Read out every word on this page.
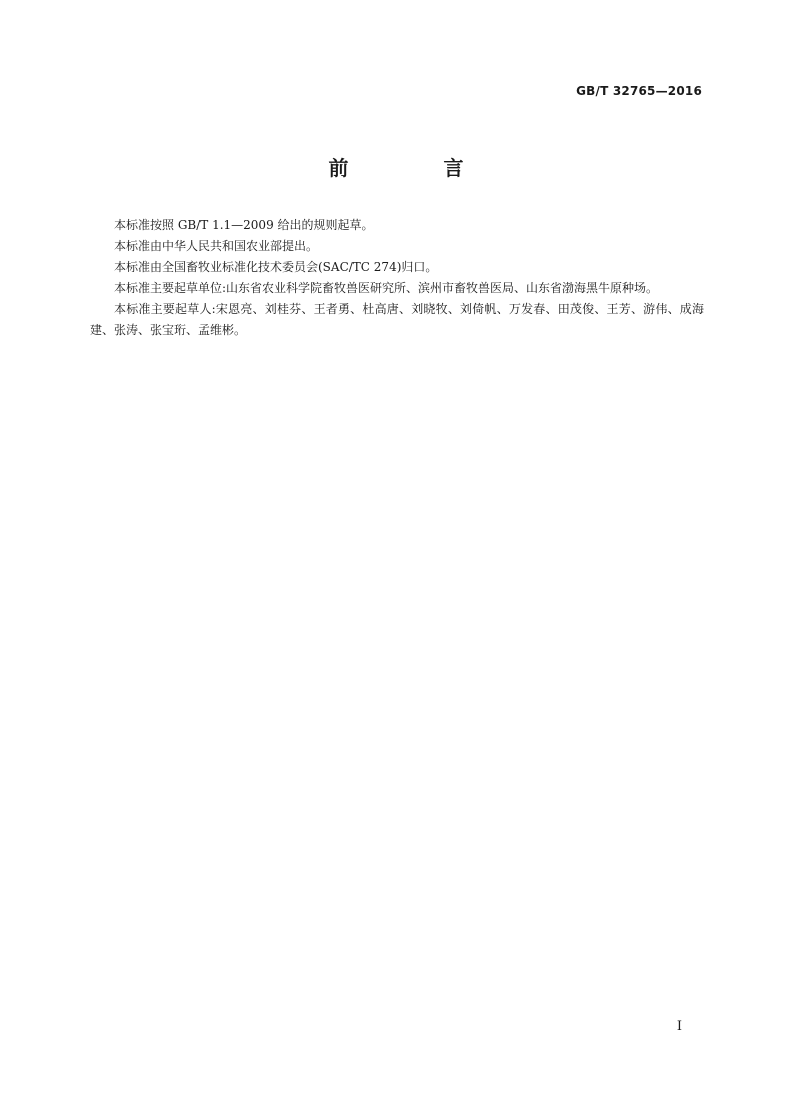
GB/T 32765—2016
前 言

本标准按照 GB/T 1.1—2009 给出的规则起草。

本标准由中华人民共和国农业部提出。

本标准由全国畜牧业标准化技术委员会(SAC/TC 274)归口。

本标准主要起草单位:山东省农业科学院畜牧兽医研究所、滨州市畜牧兽医局、山东省渤海黑牛原种场。

本标准主要起草人:宋恩亮、刘桂芬、王者勇、杜高唐、刘晓牧、刘倚帆、万发春、田茂俊、王芳、游伟、成海建、张涛、张宝珩、孟维彬。

I
